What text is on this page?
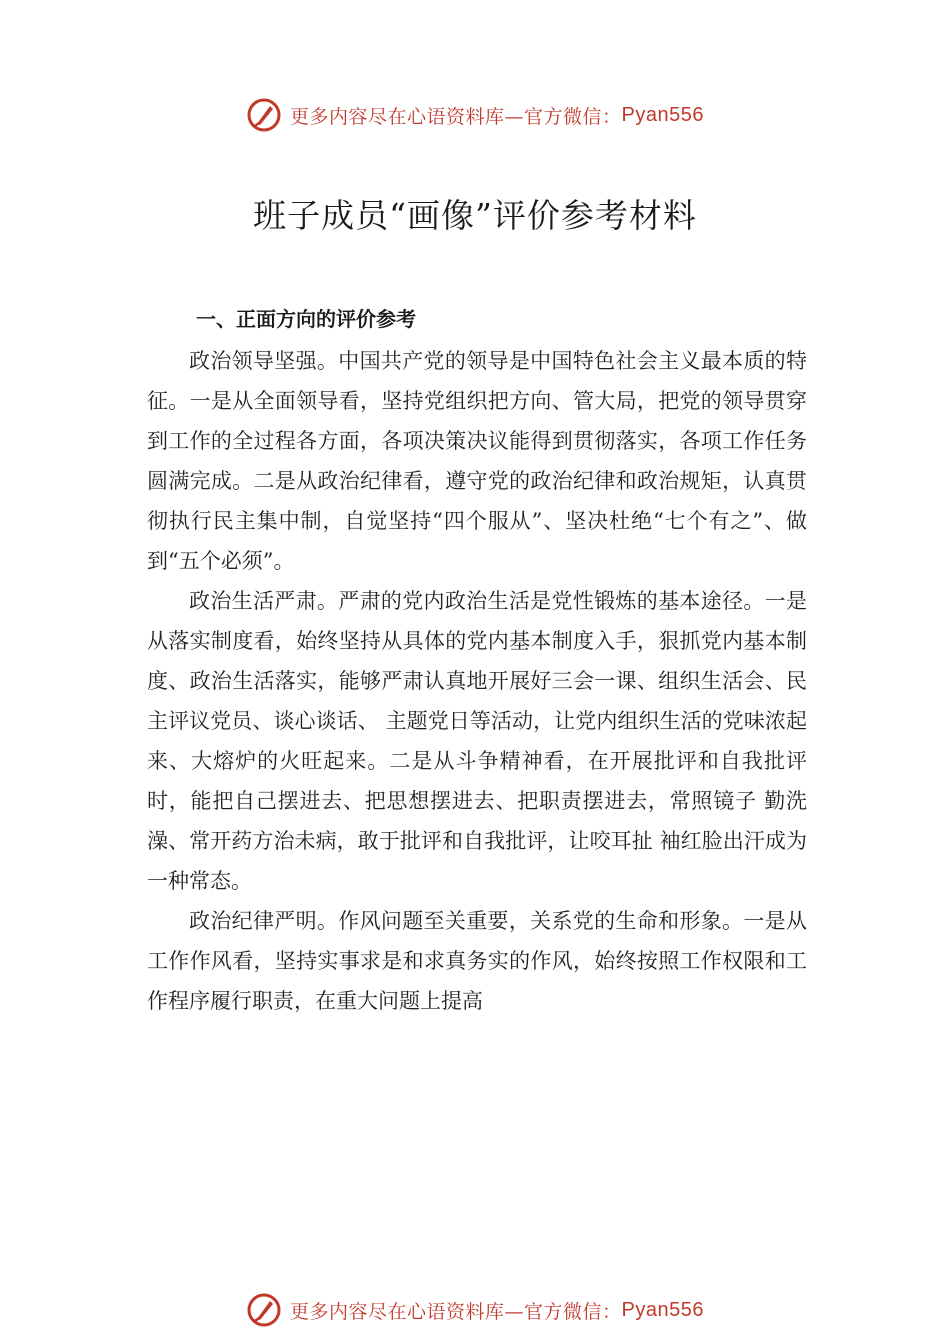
更多内容尽在心语资料库—官方微信： Pyan556
班子成员“画像”评价参考材料
一、正面方向的评价参考

政治领导坚强。中国共产党的领导是中国特色社会主义最本质的特征。一是从全面领导看，坚持党组织把方向、管大局，把党的领导贯穿到工作的全过程各方面，各项决策决议能得到贯彻落实，各项工作任务圆满完成。二是从政治纪律看，遵守党的政治纪律和政治规矩，认真贯彻执行民主集中制，自觉坚持“四个服从”、坚决杜绝“七个有之”、做 到“五个必须”。

政治生活严肃。严肃的党内政治生活是党性锻炼的基本途径。一是从落实制度看，始终坚持从具体的党内基本制度入手，狠抓党内基本制度、政治生活落实，能够严肃认真地开展好三会一课、组织生活会、民主评议党员、谈心谈话、 主题党日等活动，让党内组织生活的党味浓起来、大熔炉的火旺起来。二是从斗争精神看，在开展批评和自我批评时，能把自己摆进去、把思想摆进去、把职责摆进去，常照镜子 勤洗澡、常开药方治未病，敢于批评和自我批评，让咬耳扯 袖红脸出汗成为一种常态。

政治纪律严明。作风问题至关重要，关系党的生命和形象。一是从工作作风看，坚持实事求是和求真务实的作风，始终按照工作权限和工作程序履行职责，在重大问题上提高

更多内容尽在心语资料库—官方微信： Pyan556
